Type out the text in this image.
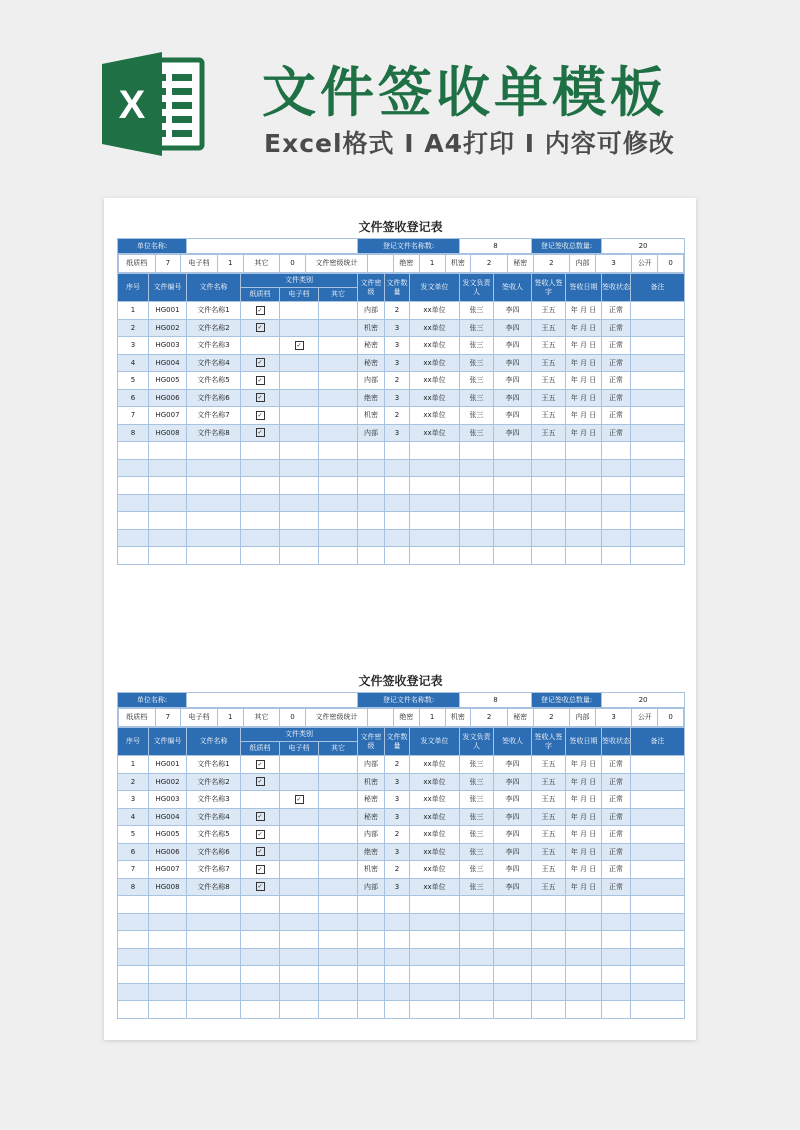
X 文件签收单模板
Excel格式 I A4打印 I 内容可修改
文件签收登记表
单位名称:		登记文件名称数:	8	登记签收总数量:	20

纸质档	7	电子档	1	其它	0	文件密级统计		绝密	1	机密	2	秘密	2	内部	3	公开	0

序号	文件编号	文件名称	文件类别	文件密级	文件数量	发文单位	发文负责人	签收人	签收人签字	签收日期	签收状态	备注
纸质档	电子档	其它
1	HG001	文件名称1	✓			内部	2	xx单位	张三	李四	王五	年 月 日	正常	
2	HG002	文件名称2	✓			机密	3	xx单位	张三	李四	王五	年 月 日	正常	
3	HG003	文件名称3		✓		秘密	3	xx单位	张三	李四	王五	年 月 日	正常	
4	HG004	文件名称4	✓			秘密	3	xx单位	张三	李四	王五	年 月 日	正常	
5	HG005	文件名称5	✓			内部	2	xx单位	张三	李四	王五	年 月 日	正常	
6	HG006	文件名称6	✓			绝密	3	xx单位	张三	李四	王五	年 月 日	正常	
7	HG007	文件名称7	✓			机密	2	xx单位	张三	李四	王五	年 月 日	正常	
8	HG008	文件名称8	✓			内部	3	xx单位	张三	李四	王五	年 月 日	正常	

文件签收登记表
单位名称:		登记文件名称数:	8	登记签收总数量:	20

纸质档	7	电子档	1	其它	0	文件密级统计		绝密	1	机密	2	秘密	2	内部	3	公开	0

序号	文件编号	文件名称	文件类别	文件密级	文件数量	发文单位	发文负责人	签收人	签收人签字	签收日期	签收状态	备注
纸质档	电子档	其它
1	HG001	文件名称1	✓			内部	2	xx单位	张三	李四	王五	年 月 日	正常	
2	HG002	文件名称2	✓			机密	3	xx单位	张三	李四	王五	年 月 日	正常	
3	HG003	文件名称3		✓		秘密	3	xx单位	张三	李四	王五	年 月 日	正常	
4	HG004	文件名称4	✓			秘密	3	xx单位	张三	李四	王五	年 月 日	正常	
5	HG005	文件名称5	✓			内部	2	xx单位	张三	李四	王五	年 月 日	正常	
6	HG006	文件名称6	✓			绝密	3	xx单位	张三	李四	王五	年 月 日	正常	
7	HG007	文件名称7	✓			机密	2	xx单位	张三	李四	王五	年 月 日	正常	
8	HG008	文件名称8	✓			内部	3	xx单位	张三	李四	王五	年 月 日	正常	
